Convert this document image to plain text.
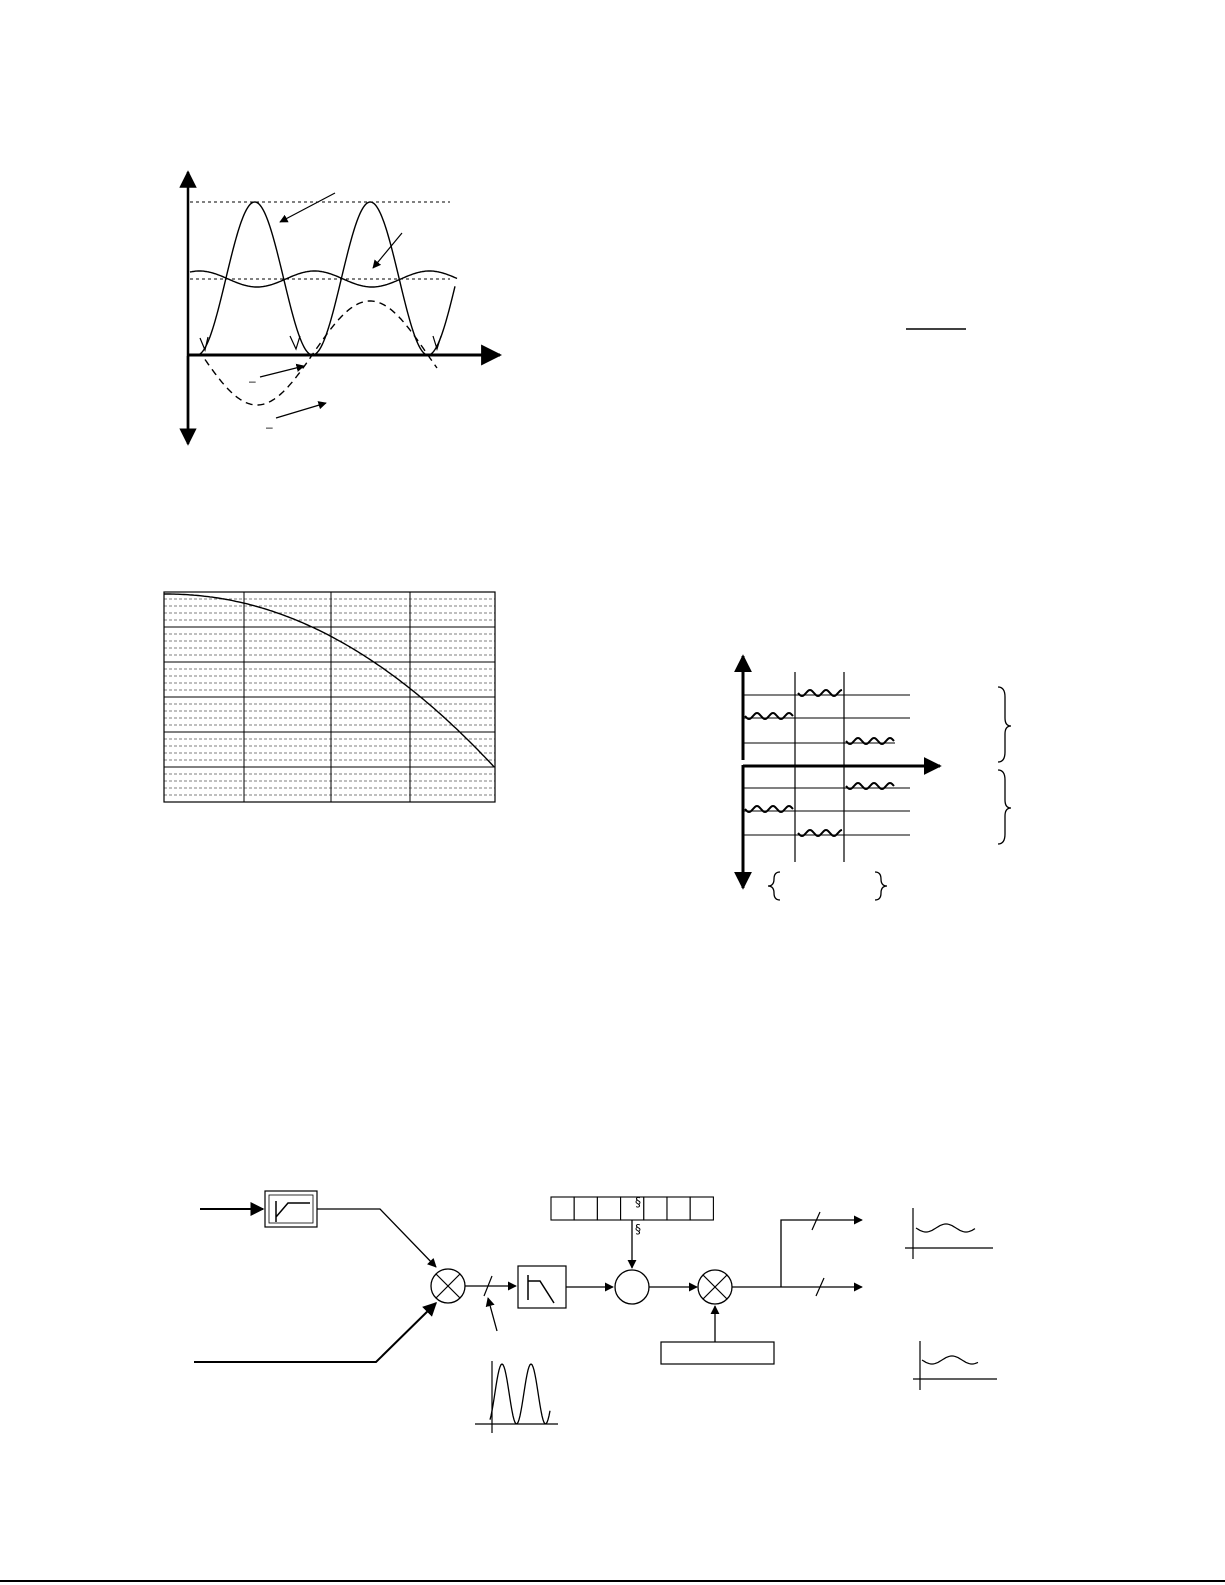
–
–
§
§
